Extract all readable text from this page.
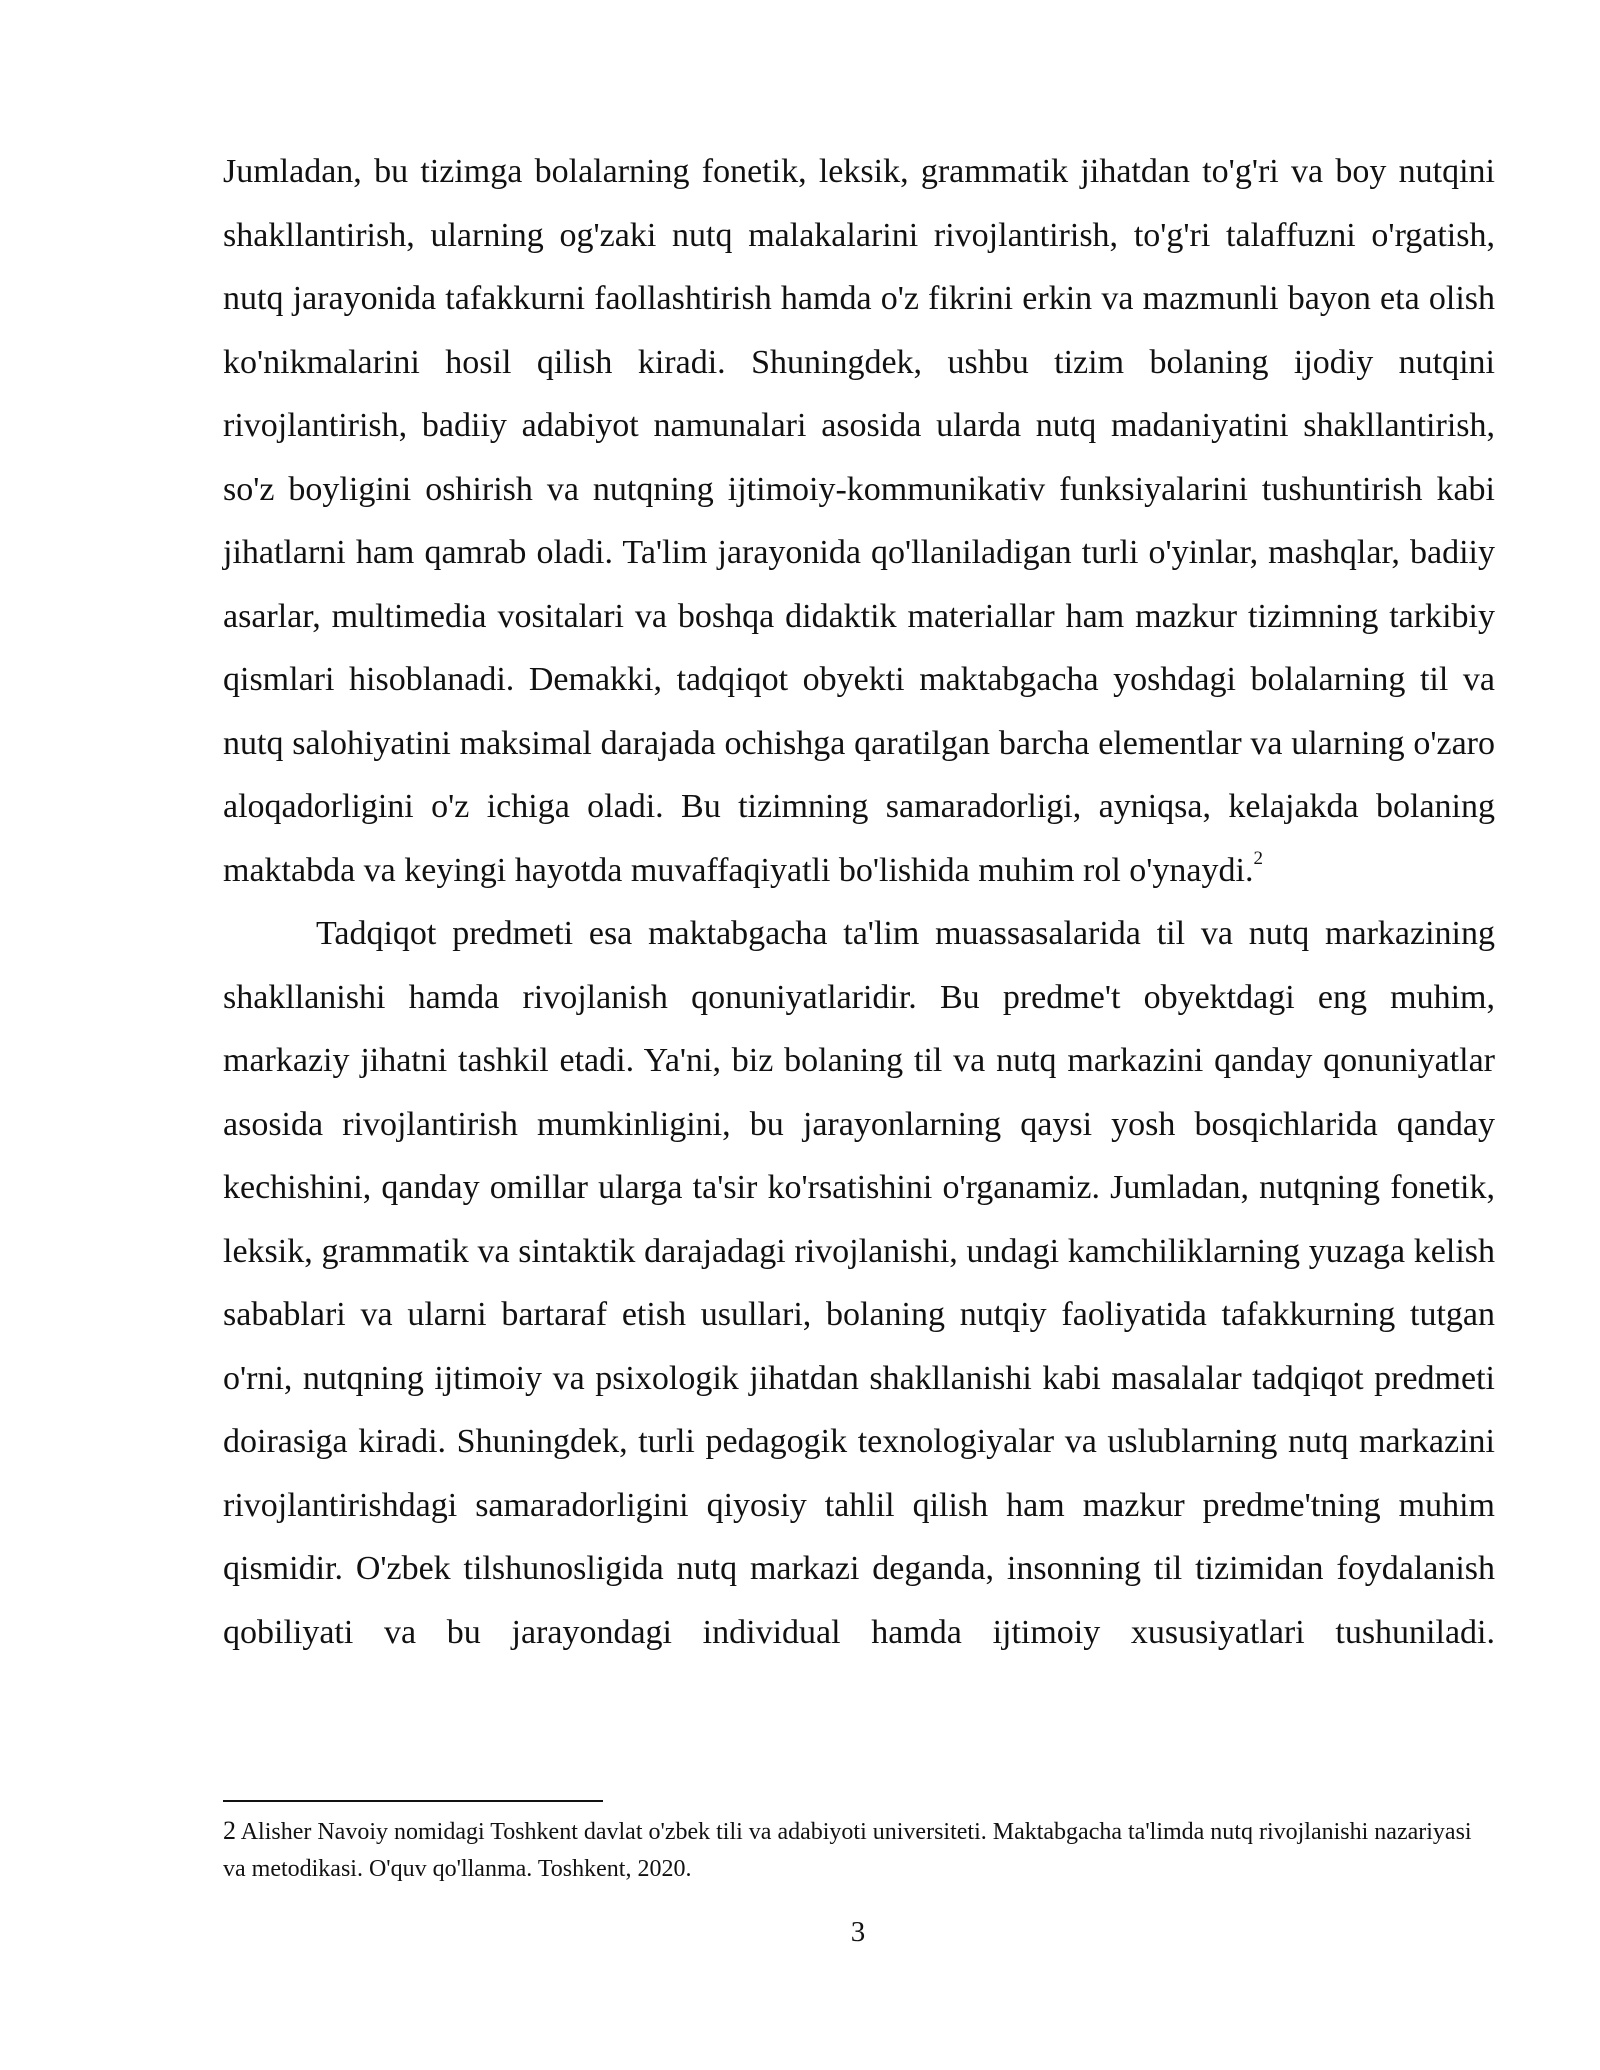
Jumladan, bu tizimga bolalarning fonetik, leksik, grammatik jihatdan to'g'ri va boy nutqini shakllantirish, ularning og'zaki nutq malakalarini rivojlantirish, to'g'ri talaffuzni o'rgatish, nutq jarayonida tafakkurni faollashtirish hamda o'z fikrini erkin va mazmunli bayon eta olish ko'nikmalarini hosil qilish kiradi. Shuningdek, ushbu tizim bolaning ijodiy nutqini rivojlantirish, badiiy adabiyot namunalari asosida ularda nutq madaniyatini shakllantirish, so'z boyligini oshirish va nutqning ijtimoiy-kommunikativ funksiyalarini tushuntirish kabi jihatlarni ham qamrab oladi. Ta'lim jarayonida qo'llaniladigan turli o'yinlar, mashqlar, badiiy asarlar, multimedia vositalari va boshqa didaktik materiallar ham mazkur tizimning tarkibiy qismlari hisoblanadi. Demakki, tadqiqot obyekti maktabgacha yoshdagi bolalarning til va nutq salohiyatini maksimal darajada ochishga qaratilgan barcha elementlar va ularning o'zaro aloqadorligini o'z ichiga oladi. Bu tizimning samaradorligi, ayniqsa, kelajakda bolaning maktabda va keyingi hayotda muvaffaqiyatli bo'lishida muhim rol o'ynaydi.$^2$

Tadqiqot predmeti esa maktabgacha ta'lim muassasalarida til va nutq markazining shakllanishi hamda rivojlanish qonuniyatlaridir. Bu predme't obyektdagi eng muhim, markaziy jihatni tashkil etadi. Ya'ni, biz bolaning til va nutq markazini qanday qonuniyatlar asosida rivojlantirish mumkinligini, bu jarayonlarning qaysi yosh bosqichlarida qanday kechishini, qanday omillar ularga ta'sir ko'rsatishini o'rganamiz. Jumladan, nutqning fonetik, leksik, grammatik va sintaktik darajadagi rivojlanishi, undagi kamchiliklarning yuzaga kelish sabablari va ularni bartaraf etish usullari, bolaning nutqiy faoliyatida tafakkurning tutgan o'rni, nutqning ijtimoiy va psixologik jihatdan shakllanishi kabi masalalar tadqiqot predmeti doirasiga kiradi. Shuningdek, turli pedagogik texnologiyalar va uslublarning nutq markazini rivojlantirishdagi samaradorligini qiyosiy tahlil qilish ham mazkur predme'tning muhim qismidir. O'zbek tilshunosligida nutq markazi deganda, insonning til tizimidan foydalanish qobiliyati va bu jarayondagi individual hamda ijtimoiy xususiyatlari tushuniladi.

2 Alisher Navoiy nomidagi Toshkent davlat o'zbek tili va adabiyoti universiteti. Maktabgacha ta'limda nutq rivojlanishi nazariyasi va metodikasi. O'quv qo'llanma. Toshkent, 2020.

3
